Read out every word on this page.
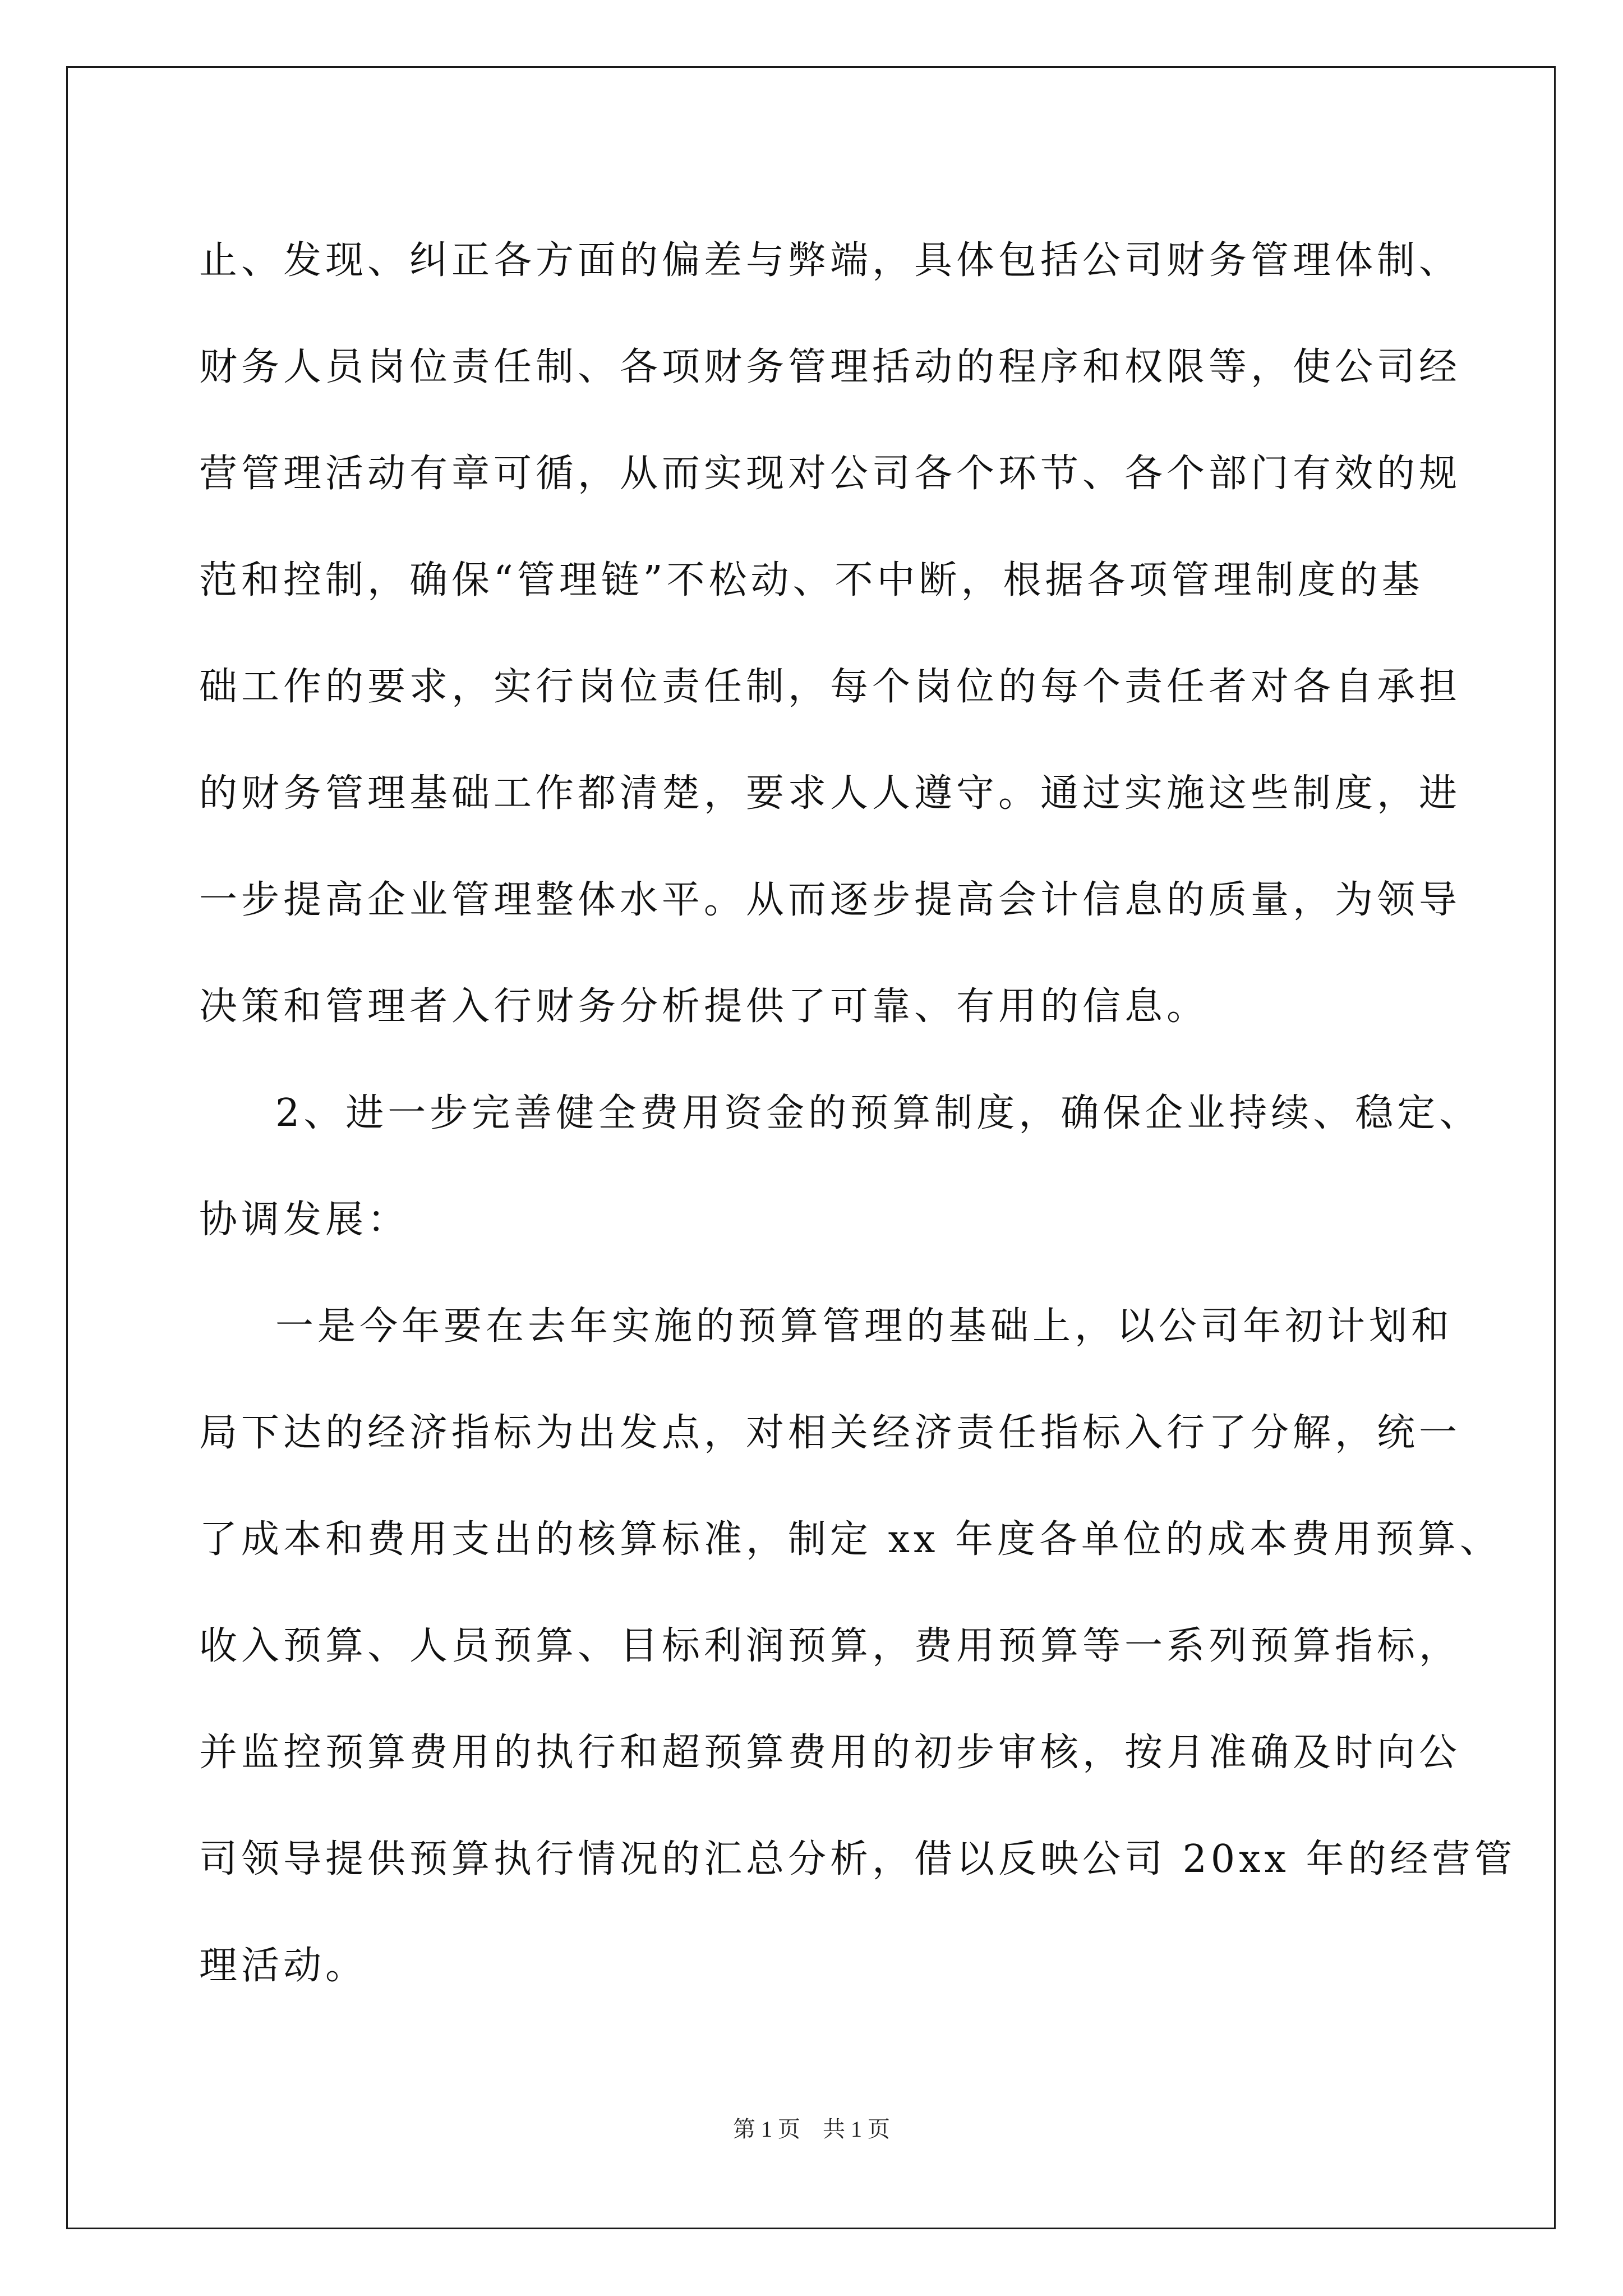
止、发现、纠正各方面的偏差与弊端，具体包括公司财务管理体制、
财务人员岗位责任制、各项财务管理括动的程序和权限等，使公司经
营管理活动有章可循，从而实现对公司各个环节、各个部门有效的规
范和控制，确保“管理链”不松动、不中断，根据各项管理制度的基
础工作的要求，实行岗位责任制，每个岗位的每个责任者对各自承担
的财务管理基础工作都清楚，要求人人遵守。通过实施这些制度，进
一步提高企业管理整体水平。从而逐步提高会计信息的质量，为领导
决策和管理者入行财务分析提供了可靠、有用的信息。
2、进一步完善健全费用资金的预算制度，确保企业持续、稳定、
协调发展：
一是今年要在去年实施的预算管理的基础上，以公司年初计划和
局下达的经济指标为出发点，对相关经济责任指标入行了分解，统一
了成本和费用支出的核算标准，制定 xx 年度各单位的成本费用预算、
收入预算、人员预算、目标利润预算，费用预算等一系列预算指标，
并监控预算费用的执行和超预算费用的初步审核，按月准确及时向公
司领导提供预算执行情况的汇总分析，借以反映公司 20xx 年的经营管
理活动。
第 1 页    共 1 页
